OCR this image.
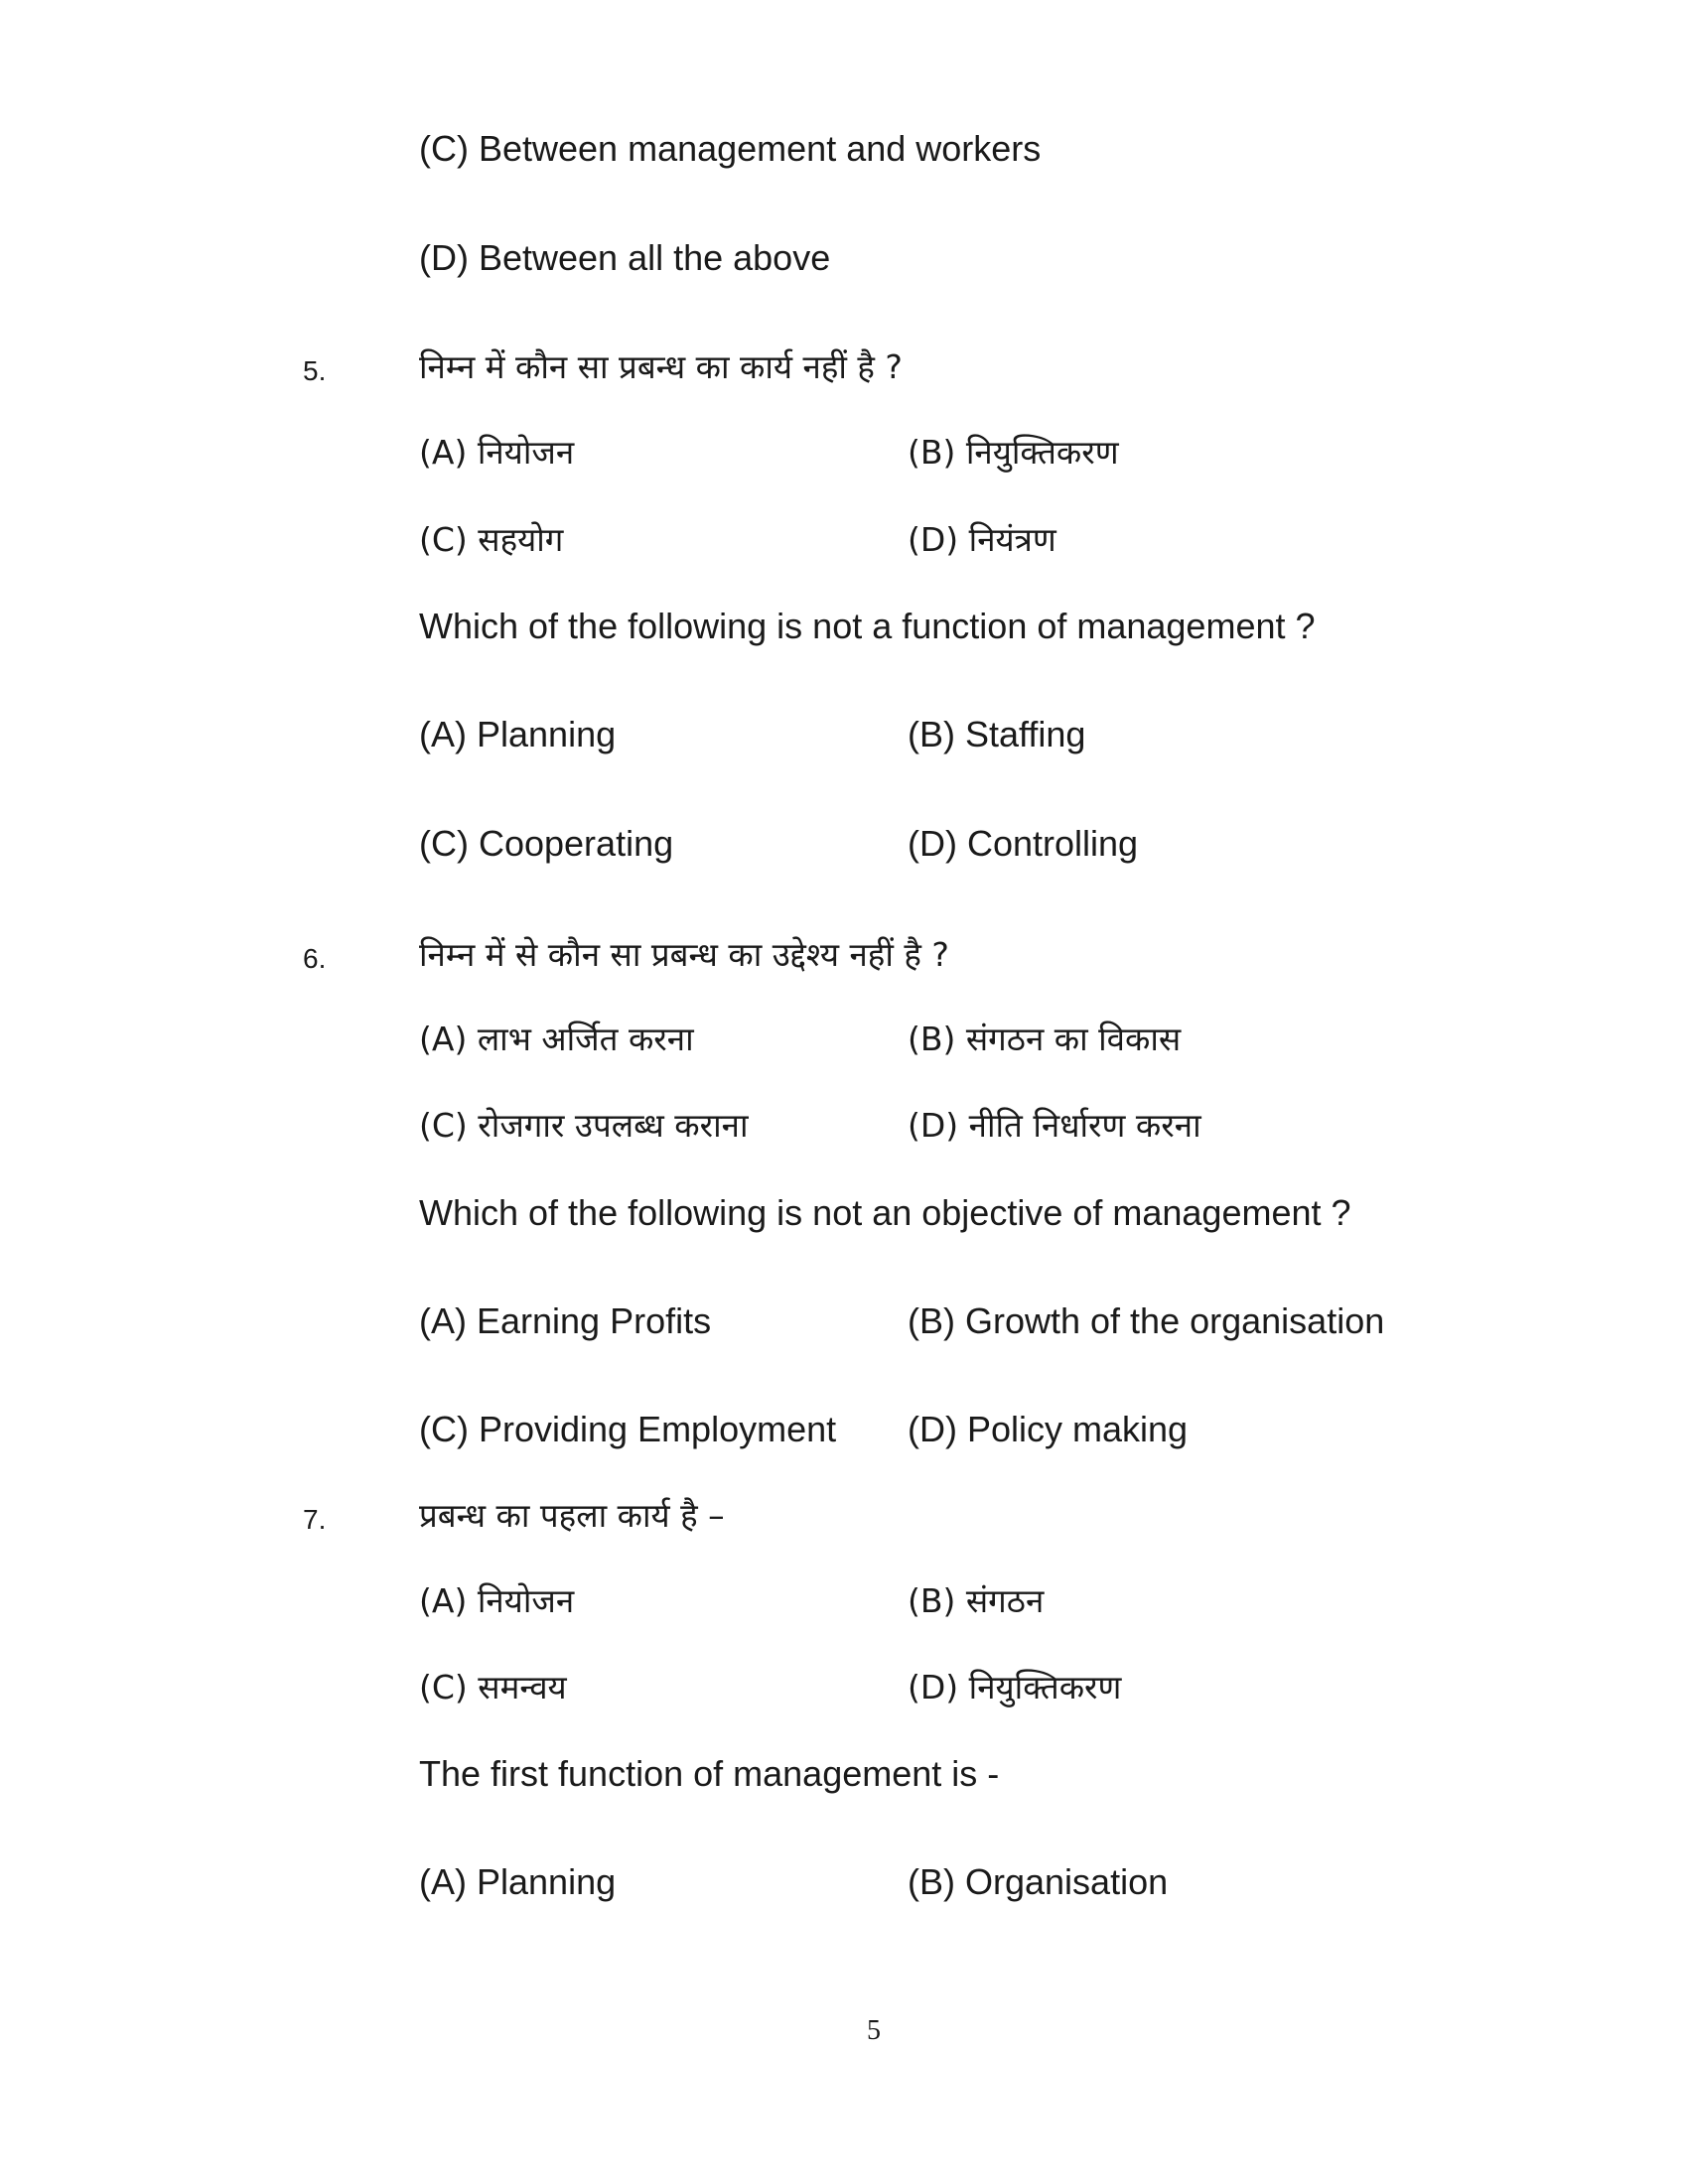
(C) Between management and workers
(D) Between all the above
5.	निम्न में कौन सा प्रबन्ध का कार्य नहीं है ?
(A) नियोजन	(B) नियुक्तिकरण
(C) सहयोग	(D) नियंत्रण
Which of the following is not a function of management ?
(A) Planning	(B) Staffing
(C) Cooperating	(D) Controlling
6.	निम्न में से कौन सा प्रबन्ध का उद्देश्य नहीं है ?
(A) लाभ अर्जित करना	(B) संगठन का विकास
(C) रोजगार उपलब्ध कराना	(D) नीति निर्धारण करना
Which of the following is not an objective of management ?
(A) Earning Profits	(B) Growth of the organisation
(C) Providing Employment (D) Policy making
7.	प्रबन्ध का पहला कार्य है –
(A) नियोजन	(B) संगठन
(C) समन्वय	(D) नियुक्तिकरण
The first function of management is -
(A) Planning	(B) Organisation
5
